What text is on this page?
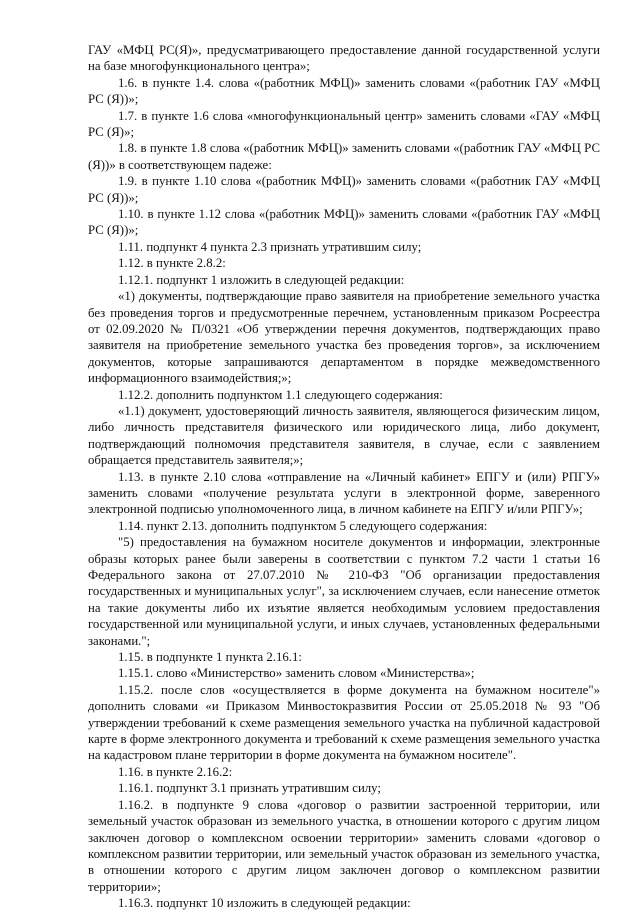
ГАУ «МФЦ РС(Я)», предусматривающего предоставление данной государственной услуги на базе многофункционального центра»;

1.6. в пункте 1.4. слова «(работник МФЦ)» заменить словами «(работник ГАУ «МФЦ РС (Я))»;

1.7. в пункте 1.6 слова «многофункциональный центр» заменить словами «ГАУ «МФЦ РС (Я)»;

1.8. в пункте 1.8 слова «(работник МФЦ)» заменить словами «(работник ГАУ «МФЦ РС (Я))» в соответствующем падеже:

1.9. в пункте 1.10 слова «(работник МФЦ)» заменить словами «(работник ГАУ «МФЦ РС (Я))»;

1.10. в пункте 1.12 слова «(работник МФЦ)» заменить словами «(работник ГАУ «МФЦ РС (Я))»;

1.11. подпункт 4 пункта 2.3 признать утратившим силу;

1.12. в пункте 2.8.2:

1.12.1. подпункт 1 изложить в следующей редакции:

«1) документы, подтверждающие право заявителя на приобретение земельного участка без проведения торгов и предусмотренные перечнем, установленным приказом Росреестра от 02.09.2020 № П/0321 «Об утверждении перечня документов, подтверждающих право заявителя на приобретение земельного участка без проведения торгов», за исключением документов, которые запрашиваются департаментом в порядке межведомственного информационного взаимодействия;»;

1.12.2. дополнить подпунктом 1.1 следующего содержания:

«1.1) документ, удостоверяющий личность заявителя, являющегося физическим лицом, либо личность представителя физического или юридического лица, либо документ, подтверждающий полномочия представителя заявителя, в случае, если с заявлением обращается представитель заявителя;»;

1.13. в пункте 2.10 слова «отправление на «Личный кабинет» ЕПГУ и (или) РПГУ» заменить словами «получение результата услуги в электронной форме, заверенного электронной подписью уполномоченного лица, в личном кабинете на ЕПГУ и/или РПГУ»;

1.14. пункт 2.13. дополнить подпунктом 5 следующего содержания:

"5) предоставления на бумажном носителе документов и информации, электронные образы которых ранее были заверены в соответствии с пунктом 7.2 части 1 статьи 16 Федерального закона от 27.07.2010 № 210-ФЗ "Об организации предоставления государственных и муниципальных услуг", за исключением случаев, если нанесение отметок на такие документы либо их изъятие является необходимым условием предоставления государственной или муниципальной услуги, и иных случаев, установленных федеральными законами.";

1.15. в подпункте 1 пункта 2.16.1:

1.15.1. слово «Министерство» заменить словом «Министерства»;

1.15.2. после слов «осуществляется в форме документа на бумажном носителе"» дополнить словами «и Приказом Минвостокразвития России от 25.05.2018 № 93 "Об утверждении требований к схеме размещения земельного участка на публичной кадастровой карте в форме электронного документа и требований к схеме размещения земельного участка на кадастровом плане территории в форме документа на бумажном носителе".

1.16. в пункте 2.16.2:

1.16.1. подпункт 3.1 признать утратившим силу;

1.16.2. в подпункте 9 слова «договор о развитии застроенной территории, или земельный участок образован из земельного участка, в отношении которого с другим лицом заключен договор о комплексном освоении территории» заменить словами «договор о комплексном развитии территории, или земельный участок образован из земельного участка, в отношении которого с другим лицом заключен договор о комплексном развитии территории»;

1.16.3. подпункт 10 изложить в следующей редакции:
